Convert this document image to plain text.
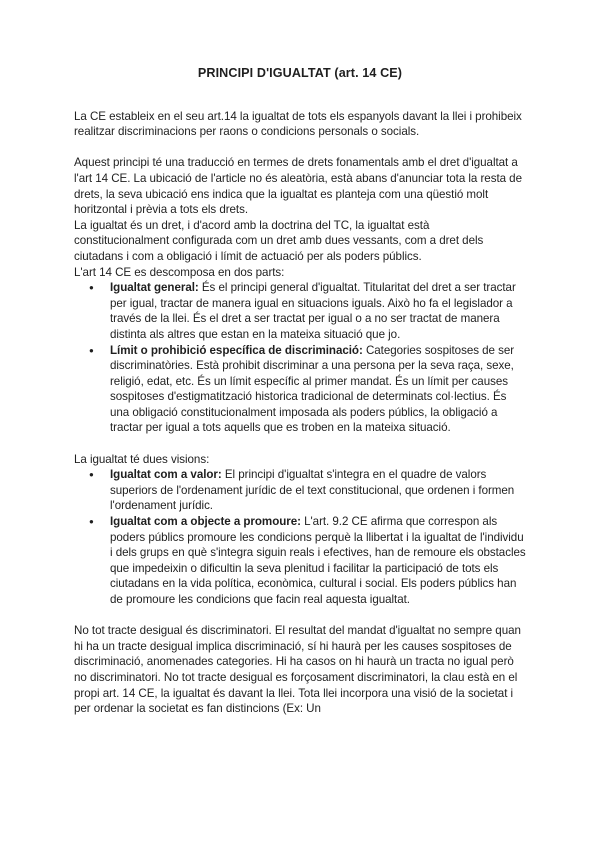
PRINCIPI D'IGUALTAT (art. 14 CE)

La CE estableix en el seu art.14 la igualtat de tots els espanyols davant la llei i prohibeix realitzar discriminacions per raons o condicions personals o socials.

Aquest principi té una traducció en termes de drets fonamentals amb el dret d'igualtat a l'art 14 CE. La ubicació de l'article no és aleatòria, està abans d'anunciar tota la resta de drets, la seva ubicació ens indica que la igualtat es planteja com una qüestió molt horitzontal i prèvia a tots els drets.

La igualtat és un dret, i d'acord amb la doctrina del TC, la igualtat està constitucionalment configurada com un dret amb dues vessants, com a dret dels ciutadans i com a obligació i límit de actuació per als poders públics.

L'art 14 CE es descomposa en dos parts:

● Igualtat general: És el principi general d'igualtat. Titularitat del dret a ser tractar per igual, tractar de manera igual en situacions iguals. Això ho fa el legislador a través de la llei. És el dret a ser tractat per igual o a no ser tractat de manera distinta als altres que estan en la mateixa situació que jo.
● Límit o prohibició específica de discriminació: Categories sospitoses de ser discriminatòries. Està prohibit discriminar a una persona per la seva raça, sexe, religió, edat, etc. És un límit específic al primer mandat. És un límit per causes sospitoses d'estigmatització historica tradicional de determinats col·lectius. És una obligació constitucionalment imposada als poders públics, la obligació a tractar per igual a tots aquells que es troben en la mateixa situació.

La igualtat té dues visions:

● Igualtat com a valor: El principi d'igualtat s'integra en el quadre de valors superiors de l'ordenament jurídic de el text constitucional, que ordenen i formen l'ordenament jurídic.
● Igualtat com a objecte a promoure: L'art. 9.2 CE afirma que correspon als poders públics promoure les condicions perquè la llibertat i la igualtat de l'individu i dels grups en què s'integra siguin reals i efectives, han de remoure els obstacles que impedeixin o dificultin la seva plenitud i facilitar la participació de tots els ciutadans en la vida política, econòmica, cultural i social. Els poders públics han de promoure les condicions que facin real aquesta igualtat.

No tot tracte desigual és discriminatori. El resultat del mandat d'igualtat no sempre quan hi ha un tracte desigual implica discriminació, sí hi haurà per les causes sospitoses de discriminació, anomenades categories. Hi ha casos on hi haurà un tracta no igual però no discriminatori. No tot tracte desigual es forçosament discriminatori, la clau està en el propi art. 14 CE, la igualtat és davant la llei. Tota llei incorpora una visió de la societat i per ordenar la societat es fan distincions (Ex: Un
